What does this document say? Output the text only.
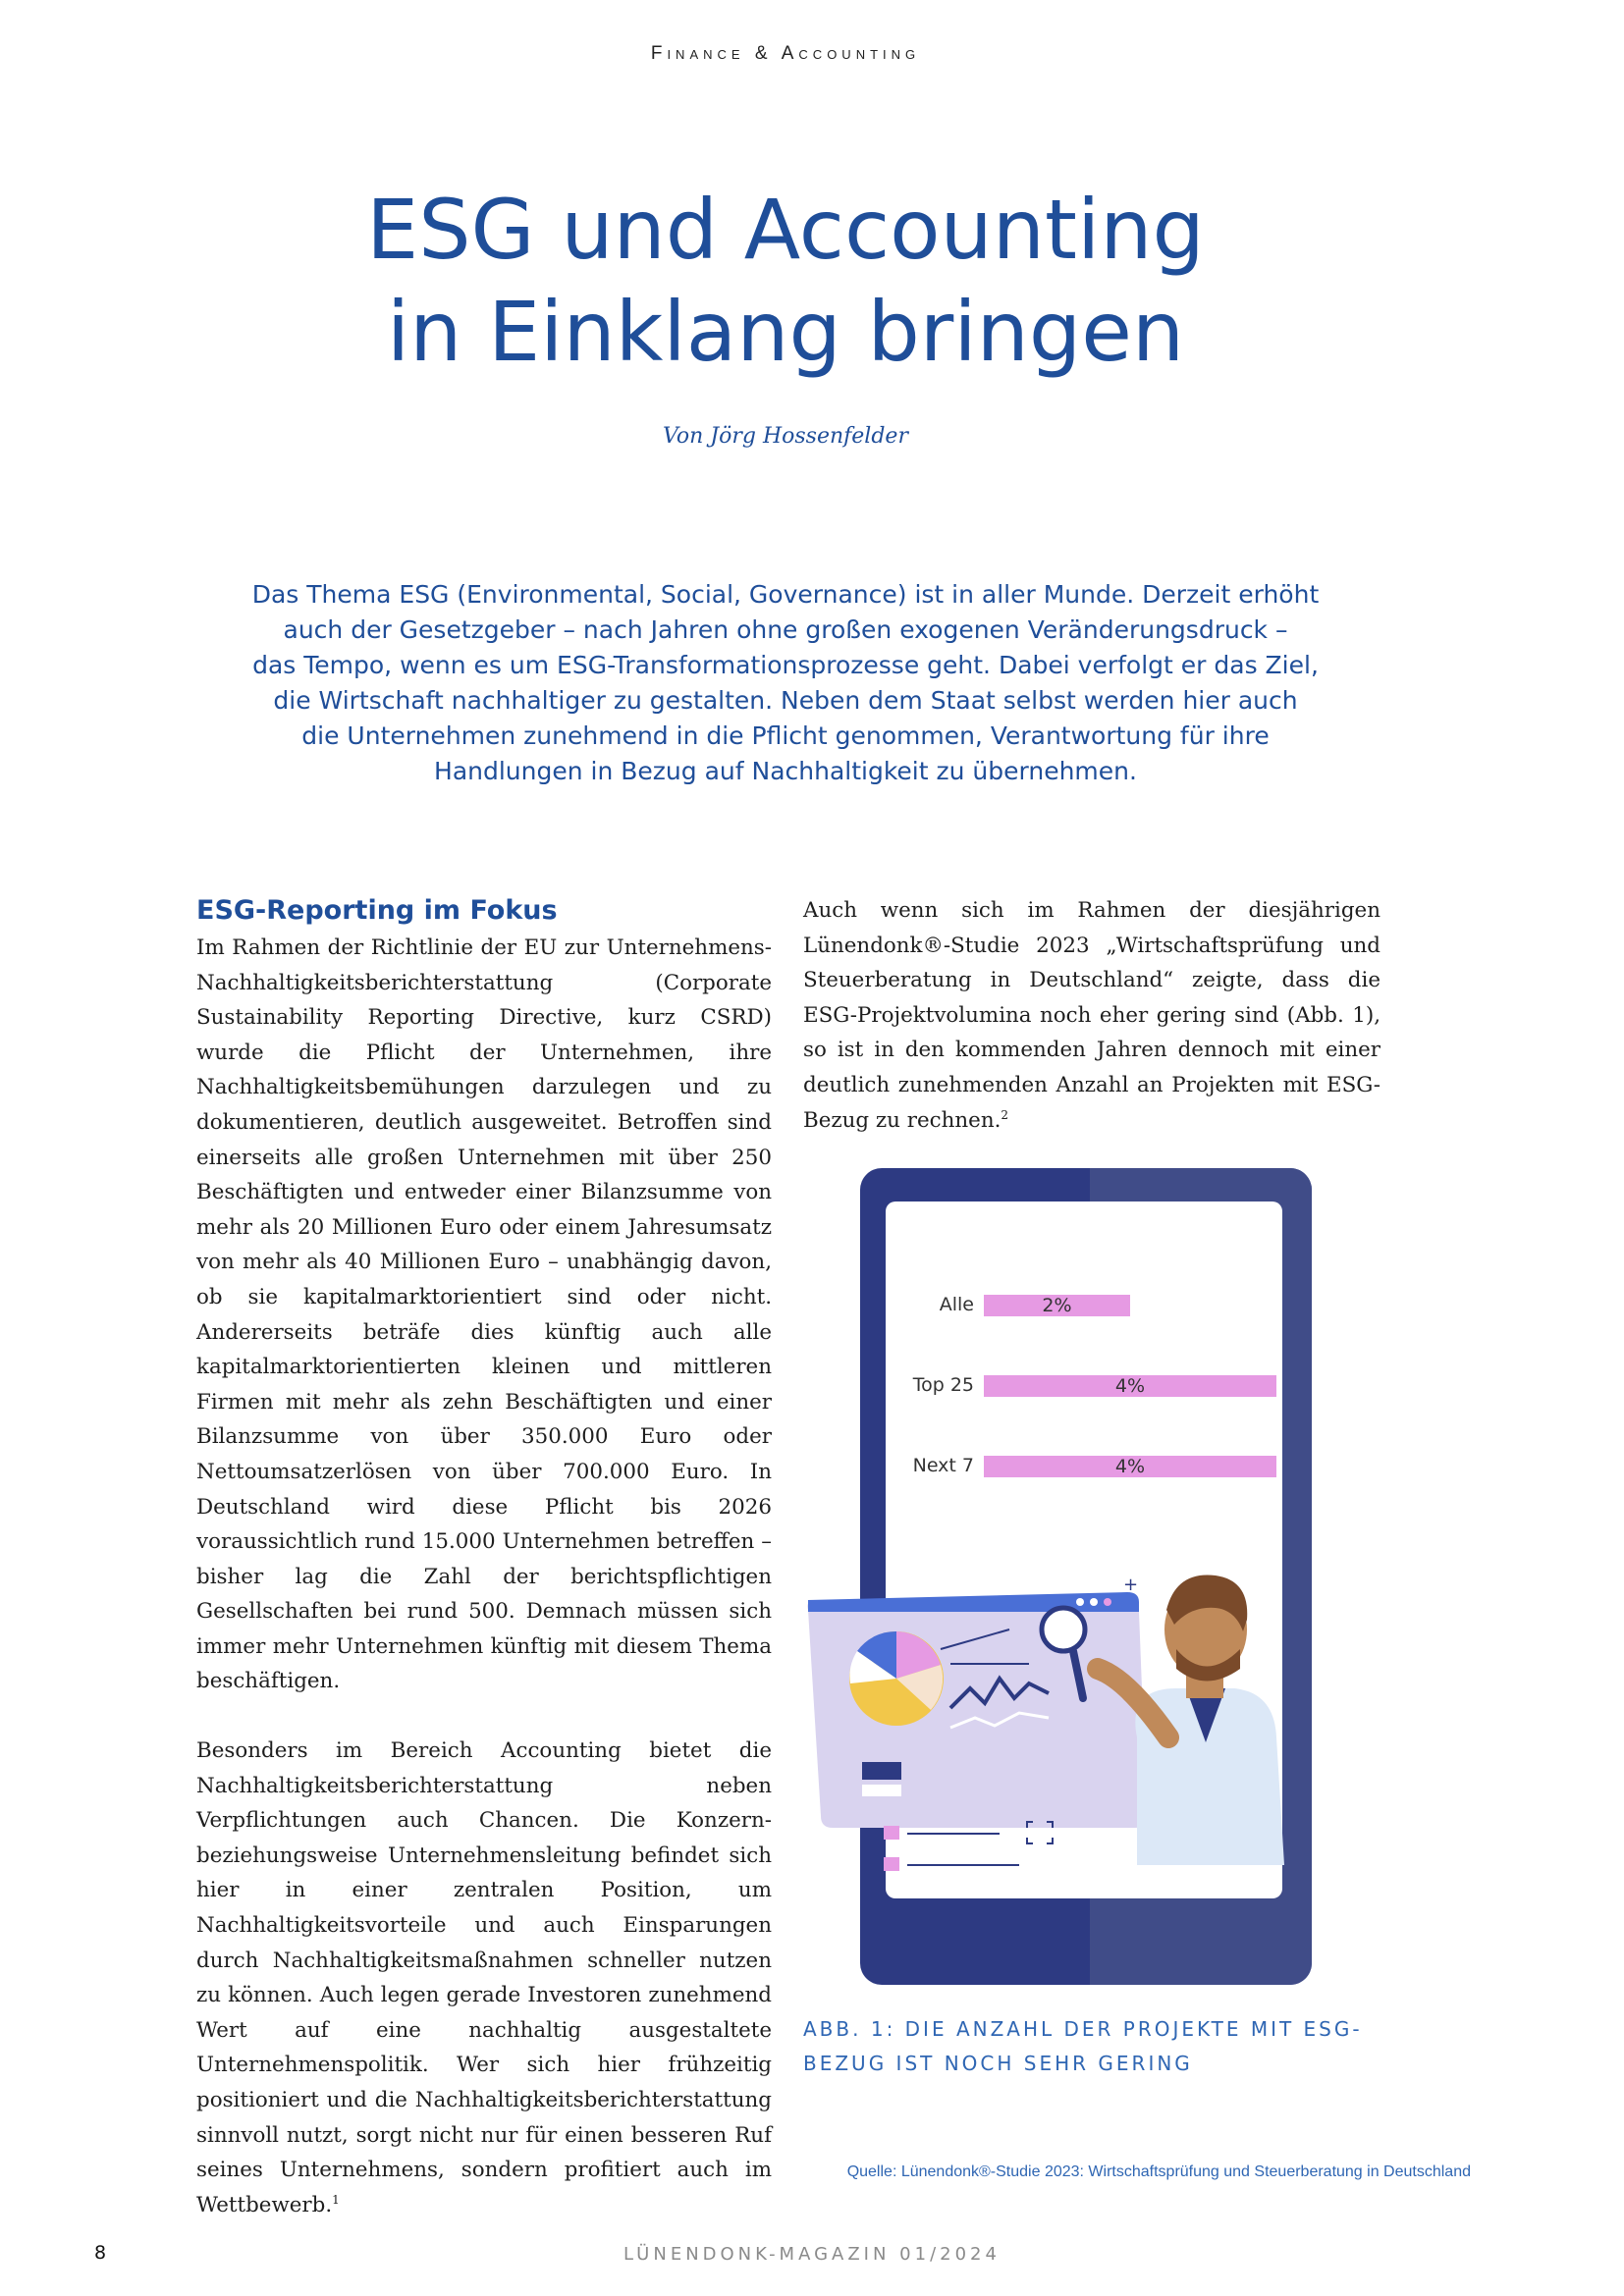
Finance & Accounting
ESG und Accounting
in Einklang bringen
Von Jörg Hossenfelder
Das Thema ESG (Environmental, Social, Governance) ist in aller Munde. Derzeit erhöht
auch der Gesetzgeber – nach Jahren ohne großen exogenen Veränderungsdruck –
das Tempo, wenn es um ESG-Transformationsprozesse geht. Dabei verfolgt er das Ziel,
die Wirtschaft nachhaltiger zu gestalten. Neben dem Staat selbst werden hier auch
die Unternehmen zunehmend in die Pflicht genommen, Verantwortung für ihre
Handlungen in Bezug auf Nachhaltigkeit zu übernehmen.
ESG-Reporting im Fokus

Im Rahmen der Richtlinie der EU zur Unternehmens-Nachhaltigkeitsberichterstattung (Corporate Sustainability Reporting Directive, kurz CSRD) wurde die Pflicht der Unternehmen, ihre Nachhaltigkeitsbemühungen darzulegen und zu dokumentieren, deutlich ausgeweitet. Betroffen sind einerseits alle großen Unternehmen mit über 250 Beschäftigten und entweder einer Bilanzsumme von mehr als 20 Millionen Euro oder einem Jahresumsatz von mehr als 40 Millionen Euro – unabhängig davon, ob sie kapitalmarktorientiert sind oder nicht. Andererseits beträfe dies künftig auch alle kapitalmarktorientierten kleinen und mittleren Firmen mit mehr als zehn Beschäftigten und einer Bilanzsumme von über 350.000 Euro oder Nettoumsatzerlösen von über 700.000 Euro. In Deutschland wird diese Pflicht bis 2026 voraussichtlich rund 15.000 Unternehmen betreffen – bisher lag die Zahl der berichtspflichtigen Gesellschaften bei rund 500. Demnach müssen sich immer mehr Unternehmen künftig mit diesem Thema beschäftigen.

Besonders im Bereich Accounting bietet die Nachhaltigkeitsberichterstattung neben Verpflichtungen auch Chancen. Die Konzern- beziehungsweise Unternehmensleitung befindet sich hier in einer zentralen Position, um Nachhaltigkeitsvorteile und auch Einsparungen durch Nachhaltigkeitsmaßnahmen schneller nutzen zu können. Auch legen gerade Investoren zunehmend Wert auf eine nachhaltig ausgestaltete Unternehmenspolitik. Wer sich hier frühzeitig positioniert und die Nachhaltigkeitsberichterstattung sinnvoll nutzt, sorgt nicht nur für einen besseren Ruf seines Unternehmens, sondern profitiert auch im Wettbewerb.$^1$

Auch wenn sich im Rahmen der diesjährigen Lünendonk®-Studie 2023 „Wirtschaftsprüfung und Steuerberatung in Deutschland“ zeigte, dass die ESG-Projektvolumina noch eher gering sind (Abb. 1), so ist in den kommenden Jahren dennoch mit einer deutlich zunehmenden Anzahl an Projekten mit ESG-Bezug zu rechnen.$^2$

Alle	2%
Top 25	4%
Next 7	4%
+
ABB. 1: DIE ANZAHL DER PROJEKTE MIT ESG-
BEZUG IST NOCH SEHR GERING
Quelle: Lünendonk®-Studie 2023: Wirtschaftsprüfung und Steuerberatung in Deutschland
8	LÜNENDONK-MAGAZIN 01/2024
